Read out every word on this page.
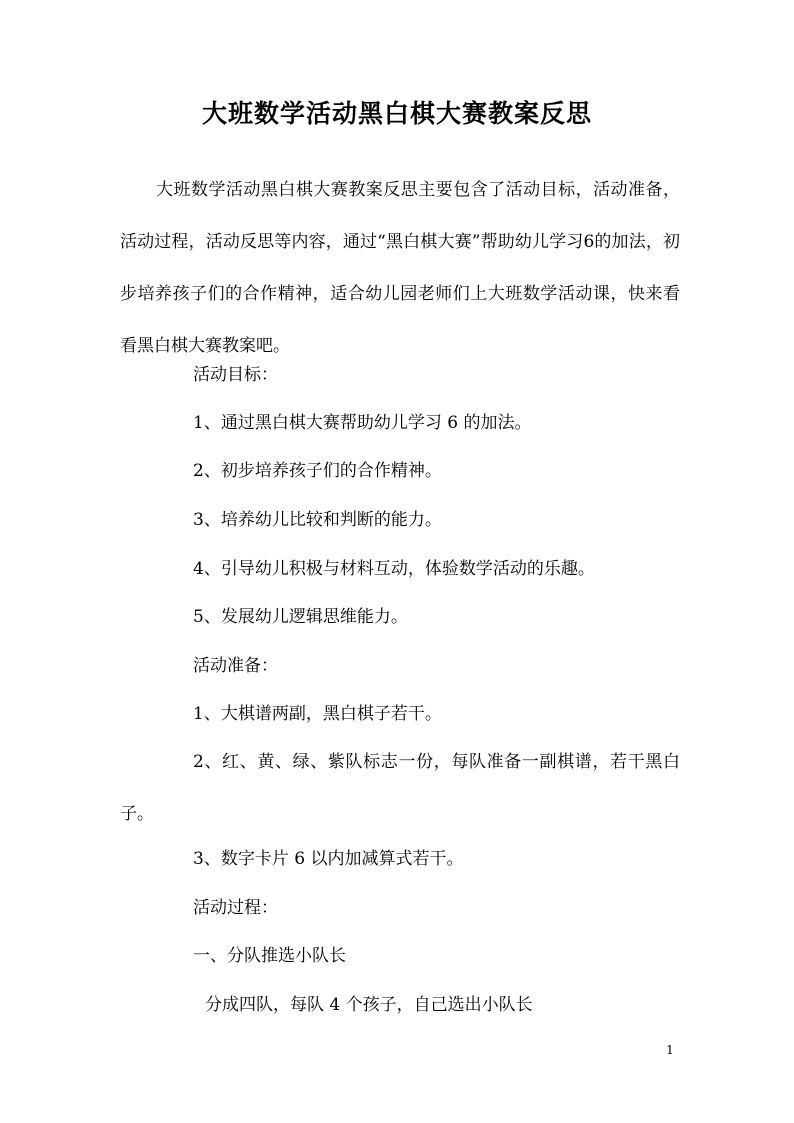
大班数学活动黑白棋大赛教案反思

大班数学活动黑白棋大赛教案反思主要包含了活动目标，活动准备，活动过程，活动反思等内容，通过“黑白棋大赛”帮助幼儿学习6的加法，初步培养孩子们的合作精神，适合幼儿园老师们上大班数学活动课，快来看看黑白棋大赛教案吧。

活动目标：
1、通过黑白棋大赛帮助幼儿学习 6 的加法。
2、初步培养孩子们的合作精神。
3、培养幼儿比较和判断的能力。
4、引导幼儿积极与材料互动，体验数学活动的乐趣。
5、发展幼儿逻辑思维能力。
活动准备：
1、大棋谱两副，黑白棋子若干。

2、红、黄、绿、紫队标志一份，每队准备一副棋谱，若干黑白子。

3、数字卡片 6 以内加减算式若干。
活动过程：
一、分队推选小队长
分成四队，每队 4 个孩子，自己选出小队长
1
